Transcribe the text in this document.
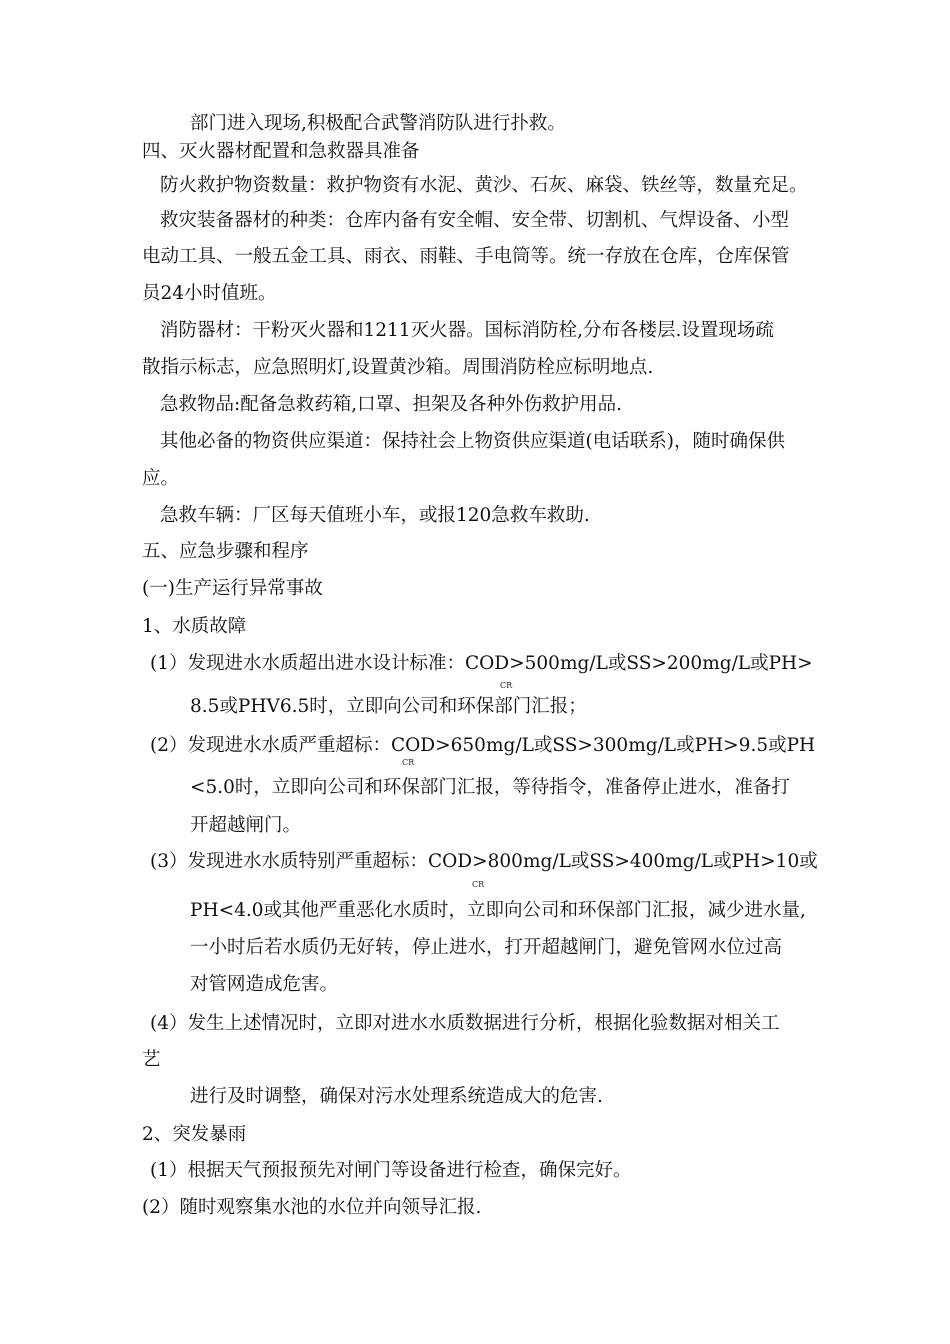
部门进入现场,积极配合武警消防队进行扑救。
四、灭火器材配置和急救器具准备
防火救护物资数量：救护物资有水泥、黄沙、石灰、麻袋、铁丝等，数量充足。
救灾装备器材的种类：仓库内备有安全帽、安全带、切割机、气焊设备、小型
电动工具、一般五金工具、雨衣、雨鞋、手电筒等。统一存放在仓库，仓库保管
员24小时值班。
消防器材：干粉灭火器和1211灭火器。国标消防栓,分布各楼层.设置现场疏
散指示标志，应急照明灯,设置黄沙箱。周围消防栓应标明地点.
急救物品:配备急救药箱,口罩、担架及各种外伤救护用品.
其他必备的物资供应渠道：保持社会上物资供应渠道(电话联系)，随时确保供
应。
急救车辆：厂区每天值班小车，或报120急救车救助.
五、应急步骤和程序
(一)生产运行异常事故
1、水质故障
(1）发现进水水质超出进水设计标准：COD>500mg/L或SS>200mg/L或PH>
CR
8.5或PHV6.5时，立即向公司和环保部门汇报；
(2）发现进水水质严重超标：COD>650mg/L或SS>300mg/L或PH>9.5或PH
CR
<5.0时，立即向公司和环保部门汇报，等待指令，准备停止进水，准备打
开超越闸门。
(3）发现进水水质特别严重超标：COD>800mg/L或SS>400mg/L或PH>10或
CR
PH<4.0或其他严重恶化水质时，立即向公司和环保部门汇报，减少进水量,
一小时后若水质仍无好转，停止进水，打开超越闸门，避免管网水位过高
对管网造成危害。
(4）发生上述情况时，立即对进水水质数据进行分析，根据化验数据对相关工
艺
进行及时调整，确保对污水处理系统造成大的危害.
2、突发暴雨
(1）根据天气预报预先对闸门等设备进行检查，确保完好。
(2）随时观察集水池的水位并向领导汇报.
